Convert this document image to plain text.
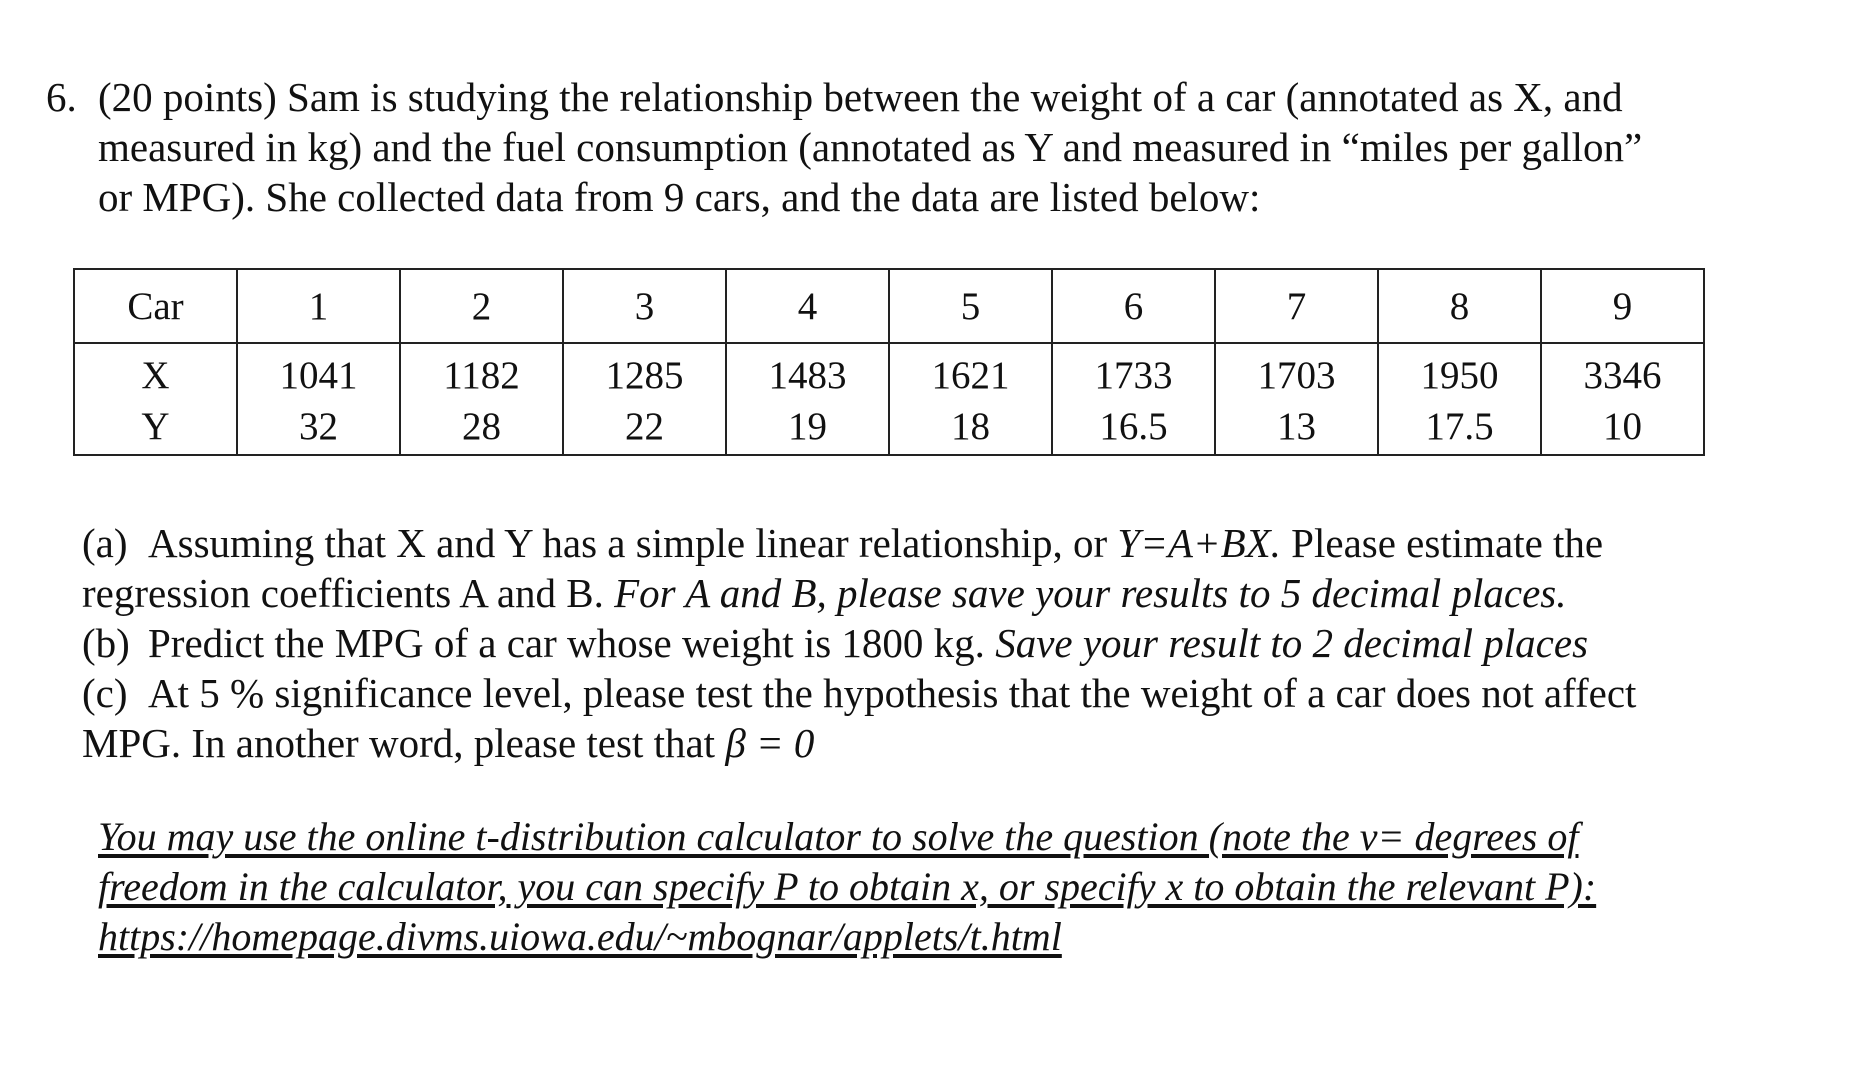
6. (20 points) Sam is studying the relationship between the weight of a car (annotated as X, and
measured in kg) and the fuel consumption (annotated as Y and measured in “miles per gallon”
or MPG). She collected data from 9 cars, and the data are listed below:
Car	1	2	3	4	5	6	7	8	9
X	1041	1182	1285	1483	1621	1733	1703	1950	3346
Y	32	28	22	19	18	16.5	13	17.5	10
(a) Assuming that X and Y has a simple linear relationship, or Y=A+BX. Please estimate the
regression coefficients A and B. For A and B, please save your results to 5 decimal places.
(b) Predict the MPG of a car whose weight is 1800 kg. Save your result to 2 decimal places
(c) At 5 % significance level, please test the hypothesis that the weight of a car does not affect
MPG. In another word, please test that β = 0
You may use the online t-distribution calculator to solve the question (note the v= degrees of
freedom in the calculator, you can specify P to obtain x, or specify x to obtain the relevant P):
https://homepage.divms.uiowa.edu/~mbognar/applets/t.html
